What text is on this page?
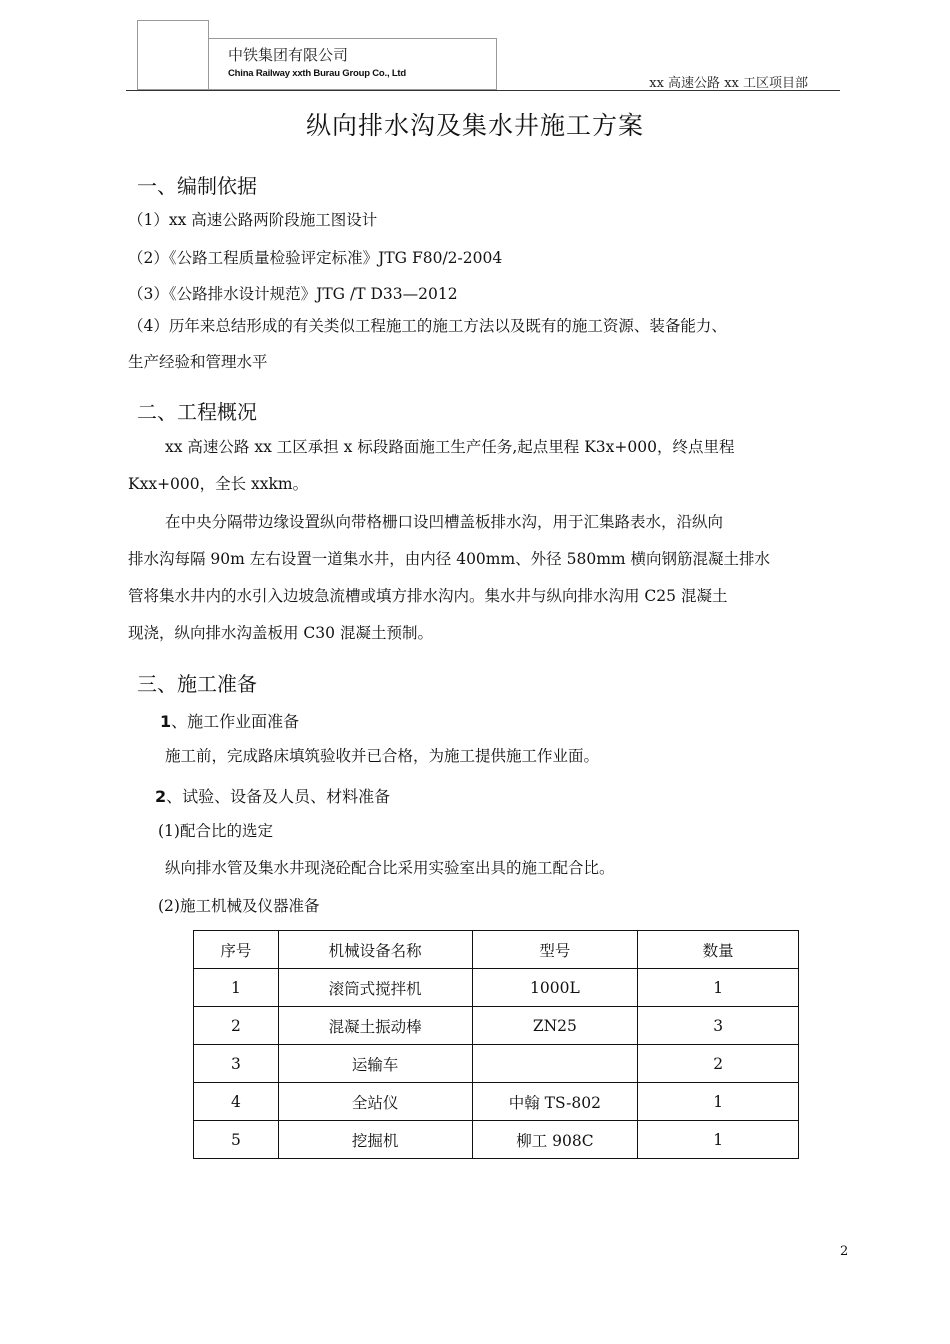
中铁集团有限公司
China Railway xxth Burau Group Co., Ltd
xx 高速公路 xx 工区项目部
纵向排水沟及集水井施工方案
一、编制依据
（1）xx 高速公路两阶段施工图设计
（2）《公路工程质量检验评定标准》JTG F80/2-2004
（3）《公路排水设计规范》JTG /T D33—2012
（4）历年来总结形成的有关类似工程施工的施工方法以及既有的施工资源、装备能力、
生产经验和管理水平
二、工程概况
xx 高速公路 xx 工区承担 x 标段路面施工生产任务,起点里程 K3x+000，终点里程
Kxx+000，全长 xxkm。
在中央分隔带边缘设置纵向带格栅口设凹槽盖板排水沟，用于汇集路表水，沿纵向
排水沟每隔 90m 左右设置一道集水井，由内径 400mm、外径 580mm 横向钢筋混凝土排水
管将集水井内的水引入边坡急流槽或填方排水沟内。集水井与纵向排水沟用 C25 混凝土
现浇，纵向排水沟盖板用 C30 混凝土预制。
三、施工准备
1、施工作业面准备
施工前，完成路床填筑验收并已合格，为施工提供施工作业面。
2、试验、设备及人员、材料准备
(1)配合比的选定
纵向排水管及集水井现浇砼配合比采用实验室出具的施工配合比。
(2)施工机械及仪器准备
序号	机械设备名称	型号	数量
1	滚筒式搅拌机	1000L	1
2	混凝土振动棒	ZN25	3
3	运输车		2
4	全站仪	中翰 TS-802	1
5	挖掘机	柳工 908C	1
2
